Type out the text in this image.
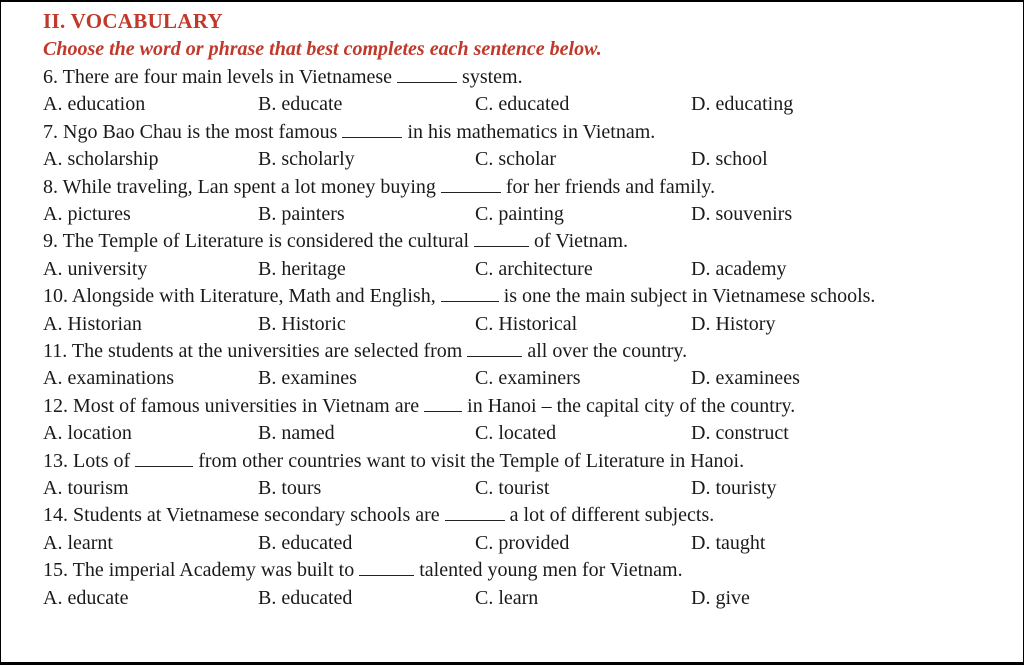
II. VOCABULARY
Choose the word or phrase that best completes each sentence below.
6. There are four main levels in Vietnamese	system.
A. education	B. educate	C. educated	D. educating
7. Ngo Bao Chau is the most famous	in his mathematics in Vietnam.
A. scholarship	B. scholarly	C. scholar	D. school
8. While traveling, Lan spent a lot money buying	for her friends and family.
A. pictures	B. painters	C. painting	D. souvenirs
9. The Temple of Literature is considered the cultural	of Vietnam.
A. university	B. heritage	C. architecture	D. academy
10. Alongside with Literature, Math and English,	is one the main subject in Vietnamese schools.
A. Historian	B. Historic	C. Historical	D. History
11. The students at the universities are selected from	all over the country.
A. examinations	B. examines	C. examiners	D. examinees
12. Most of famous universities in Vietnam are in Hanoi – the capital city of the country.
A. location	B. named	C. located	D. construct
13. Lots of	from other countries want to visit the Temple of Literature in Hanoi.
A. tourism	B. tours	C. tourist	D. touristy
14. Students at Vietnamese secondary schools are	a lot of different subjects.
A. learnt	B. educated	C. provided	D. taught
15. The imperial Academy was built to	talented young men for Vietnam.
A. educate	B. educated	C. learn	D. give
